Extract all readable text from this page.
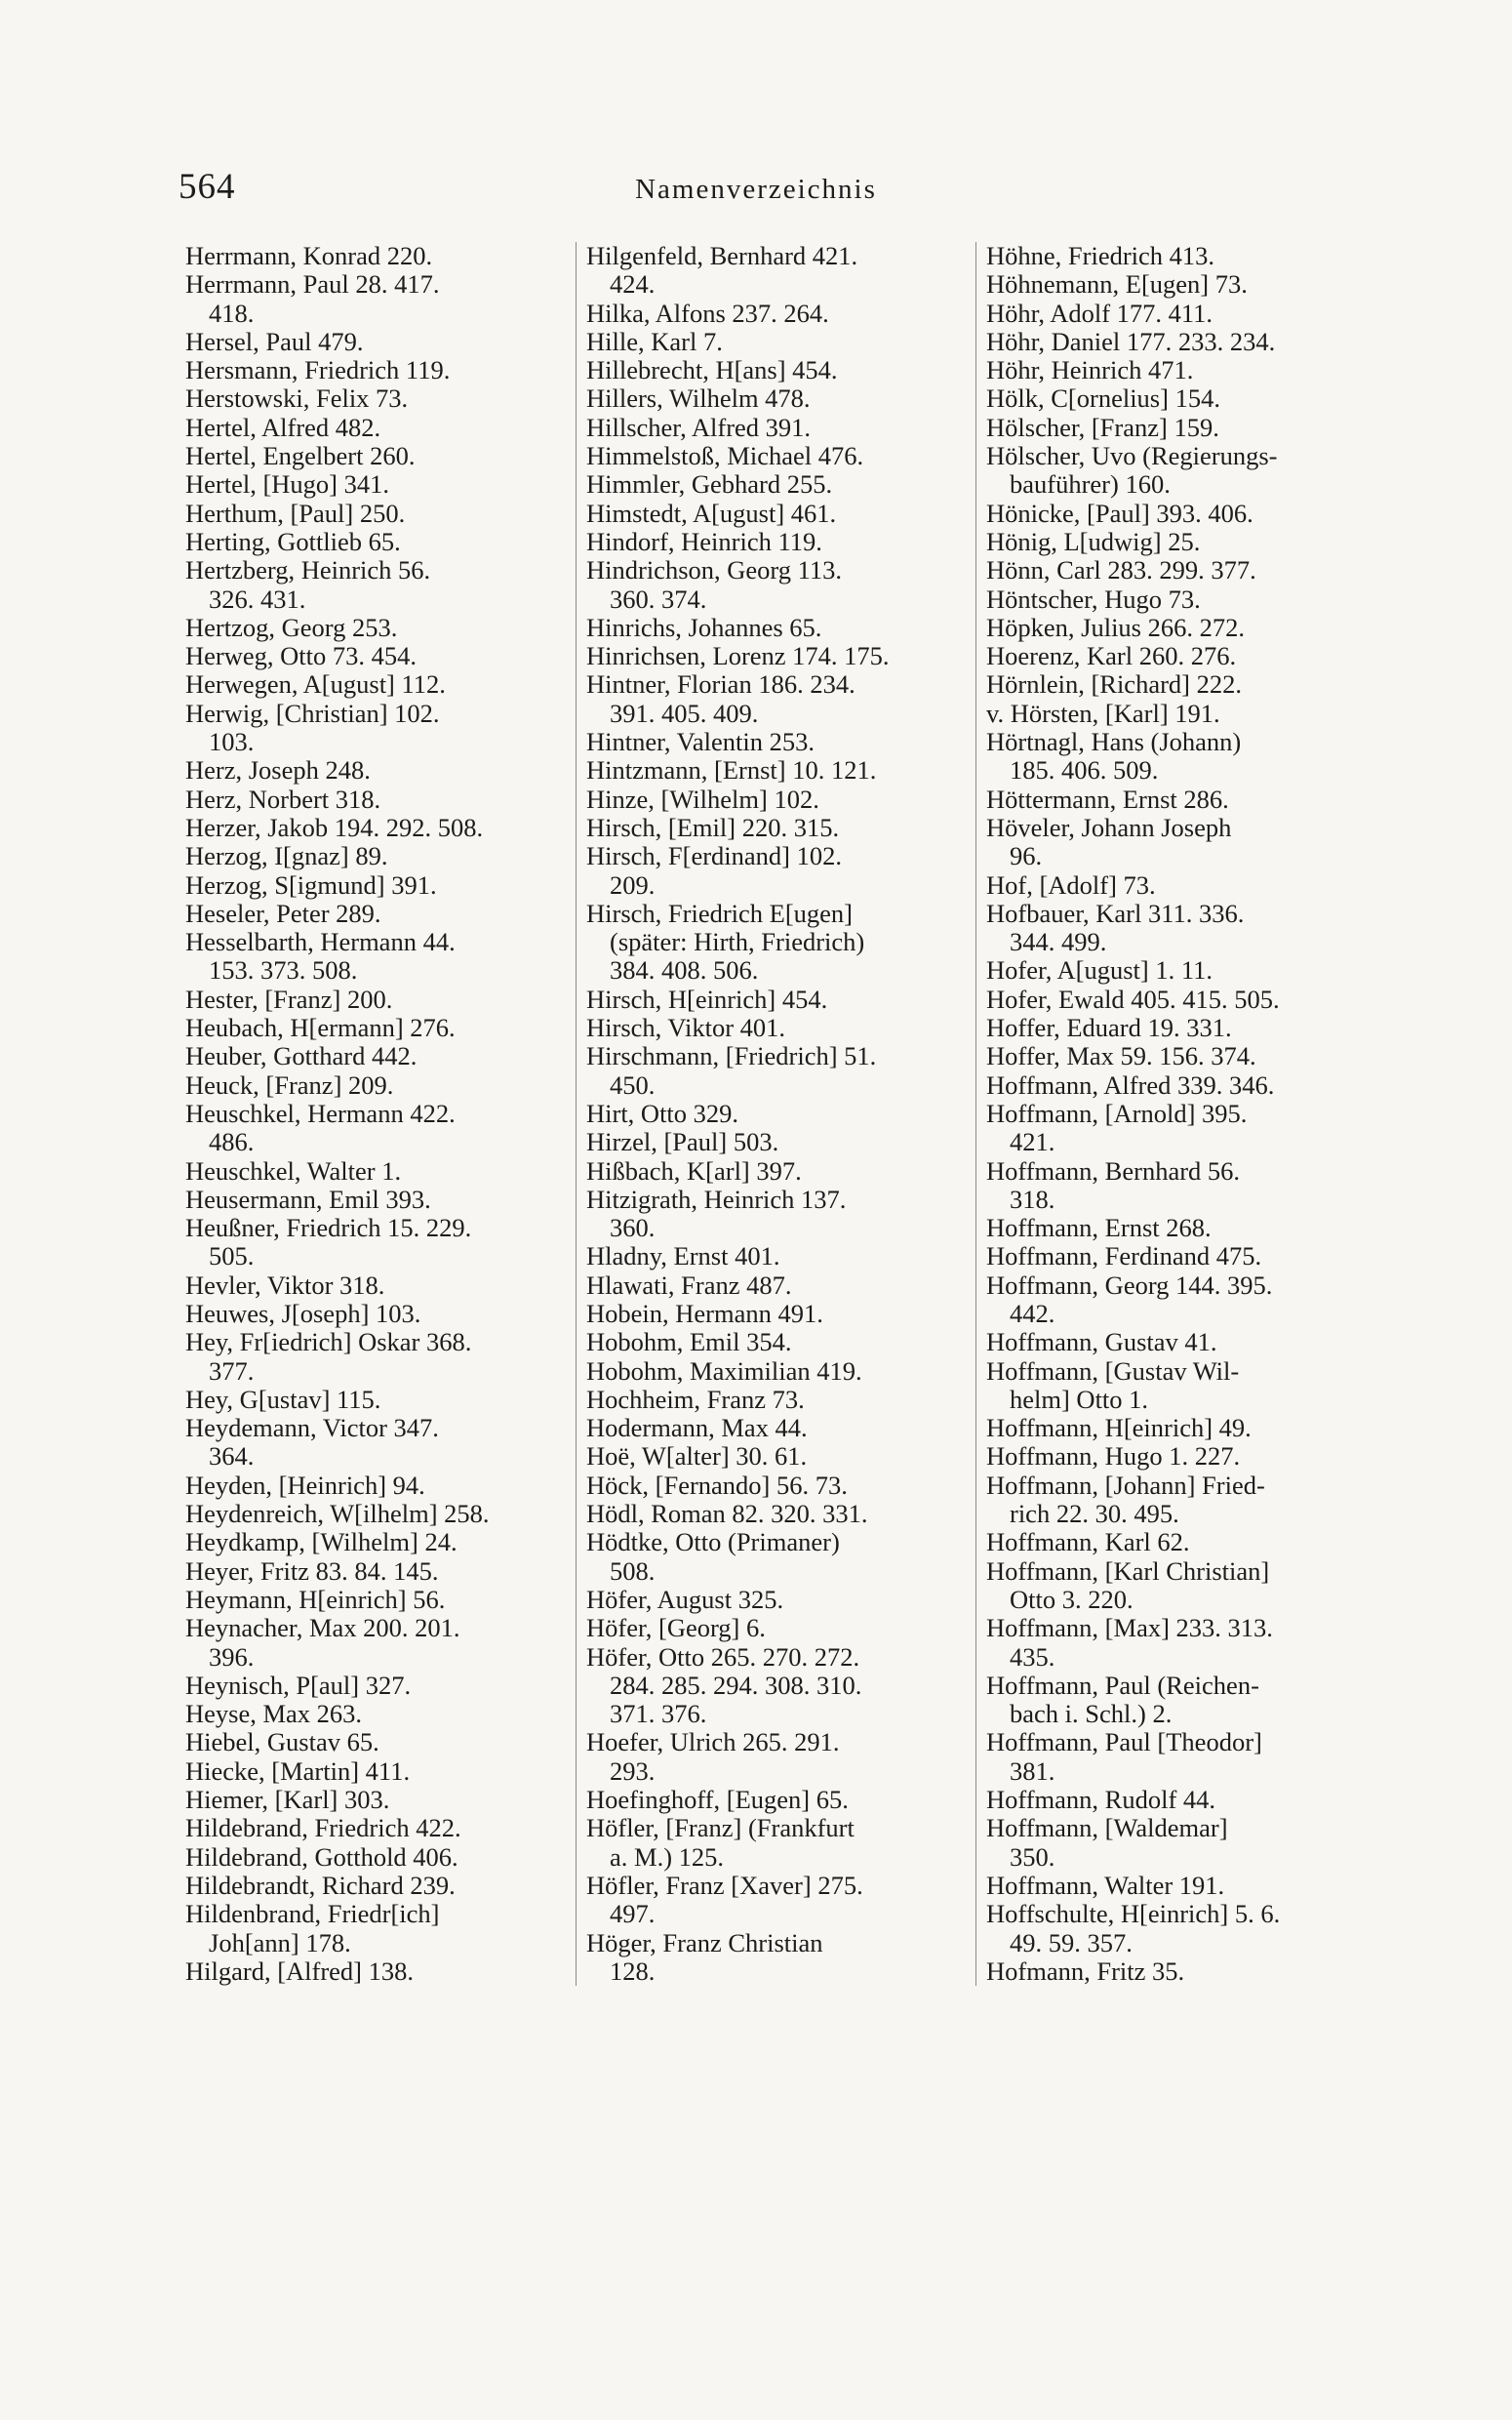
564	Namenverzeichnis
Herrmann, Konrad 220.
Herrmann, Paul 28. 417.
418.
Hersel, Paul 479.
Hersmann, Friedrich 119.
Herstowski, Felix 73.
Hertel, Alfred 482.
Hertel, Engelbert 260.
Hertel, [Hugo] 341.
Herthum, [Paul] 250.
Herting, Gottlieb 65.
Hertzberg, Heinrich 56.
326. 431.
Hertzog, Georg 253.
Herweg, Otto 73. 454.
Herwegen, A[ugust] 112.
Herwig, [Christian] 102.
103.
Herz, Joseph 248.
Herz, Norbert 318.
Herzer, Jakob 194. 292. 508.
Herzog, I[gnaz] 89.
Herzog, S[igmund] 391.
Heseler, Peter 289.
Hesselbarth, Hermann 44.
153. 373. 508.
Hester, [Franz] 200.
Heubach, H[ermann] 276.
Heuber, Gotthard 442.
Heuck, [Franz] 209.
Heuschkel, Hermann 422.
486.
Heuschkel, Walter 1.
Heusermann, Emil 393.
Heußner, Friedrich 15. 229.
505.
Hevler, Viktor 318.
Heuwes, J[oseph] 103.
Hey, Fr[iedrich] Oskar 368.
377.
Hey, G[ustav] 115.
Heydemann, Victor 347.
364.
Heyden, [Heinrich] 94.
Heydenreich, W[ilhelm] 258.
Heydkamp, [Wilhelm] 24.
Heyer, Fritz 83. 84. 145.
Heymann, H[einrich] 56.
Heynacher, Max 200. 201.
396.
Heynisch, P[aul] 327.
Heyse, Max 263.
Hiebel, Gustav 65.
Hiecke, [Martin] 411.
Hiemer, [Karl] 303.
Hildebrand, Friedrich 422.
Hildebrand, Gotthold 406.
Hildebrandt, Richard 239.
Hildenbrand, Friedr[ich]
Joh[ann] 178.
Hilgard, [Alfred] 138.
Hilgenfeld, Bernhard 421.
424.
Hilka, Alfons 237. 264.
Hille, Karl 7.
Hillebrecht, H[ans] 454.
Hillers, Wilhelm 478.
Hillscher, Alfred 391.
Himmelstoß, Michael 476.
Himmler, Gebhard 255.
Himstedt, A[ugust] 461.
Hindorf, Heinrich 119.
Hindrichson, Georg 113.
360. 374.
Hinrichs, Johannes 65.
Hinrichsen, Lorenz 174. 175.
Hintner, Florian 186. 234.
391. 405. 409.
Hintner, Valentin 253.
Hintzmann, [Ernst] 10. 121.
Hinze, [Wilhelm] 102.
Hirsch, [Emil] 220. 315.
Hirsch, F[erdinand] 102.
209.
Hirsch, Friedrich E[ugen]
(später: Hirth, Friedrich)
384. 408. 506.
Hirsch, H[einrich] 454.
Hirsch, Viktor 401.
Hirschmann, [Friedrich] 51.
450.
Hirt, Otto 329.
Hirzel, [Paul] 503.
Hißbach, K[arl] 397.
Hitzigrath, Heinrich 137.
360.
Hladny, Ernst 401.
Hlawati, Franz 487.
Hobein, Hermann 491.
Hobohm, Emil 354.
Hobohm, Maximilian 419.
Hochheim, Franz 73.
Hodermann, Max 44.
Hoë, W[alter] 30. 61.
Höck, [Fernando] 56. 73.
Hödl, Roman 82. 320. 331.
Hödtke, Otto (Primaner)
508.
Höfer, August 325.
Höfer, [Georg] 6.
Höfer, Otto 265. 270. 272.
284. 285. 294. 308. 310.
371. 376.
Hoefer, Ulrich 265. 291.
293.
Hoefinghoff, [Eugen] 65.
Höfler, [Franz] (Frankfurt
a. M.) 125.
Höfler, Franz [Xaver] 275.
497.
Höger, Franz Christian
128.
Höhne, Friedrich 413.
Höhnemann, E[ugen] 73.
Höhr, Adolf 177. 411.
Höhr, Daniel 177. 233. 234.
Höhr, Heinrich 471.
Hölk, C[ornelius] 154.
Hölscher, [Franz] 159.
Hölscher, Uvo (Regierungs-
bauführer) 160.
Hönicke, [Paul] 393. 406.
Hönig, L[udwig] 25.
Hönn, Carl 283. 299. 377.
Höntscher, Hugo 73.
Höpken, Julius 266. 272.
Hoerenz, Karl 260. 276.
Hörnlein, [Richard] 222.
v. Hörsten, [Karl] 191.
Hörtnagl, Hans (Johann)
185. 406. 509.
Höttermann, Ernst 286.
Höveler, Johann Joseph
96.
Hof, [Adolf] 73.
Hofbauer, Karl 311. 336.
344. 499.
Hofer, A[ugust] 1. 11.
Hofer, Ewald 405. 415. 505.
Hoffer, Eduard 19. 331.
Hoffer, Max 59. 156. 374.
Hoffmann, Alfred 339. 346.
Hoffmann, [Arnold] 395.
421.
Hoffmann, Bernhard 56.
318.
Hoffmann, Ernst 268.
Hoffmann, Ferdinand 475.
Hoffmann, Georg 144. 395.
442.
Hoffmann, Gustav 41.
Hoffmann, [Gustav Wil-
helm] Otto 1.
Hoffmann, H[einrich] 49.
Hoffmann, Hugo 1. 227.
Hoffmann, [Johann] Fried-
rich 22. 30. 495.
Hoffmann, Karl 62.
Hoffmann, [Karl Christian]
Otto 3. 220.
Hoffmann, [Max] 233. 313.
435.
Hoffmann, Paul (Reichen-
bach i. Schl.) 2.
Hoffmann, Paul [Theodor]
381.
Hoffmann, Rudolf 44.
Hoffmann, [Waldemar]
350.
Hoffmann, Walter 191.
Hoffschulte, H[einrich] 5. 6.
49. 59. 357.
Hofmann, Fritz 35.
